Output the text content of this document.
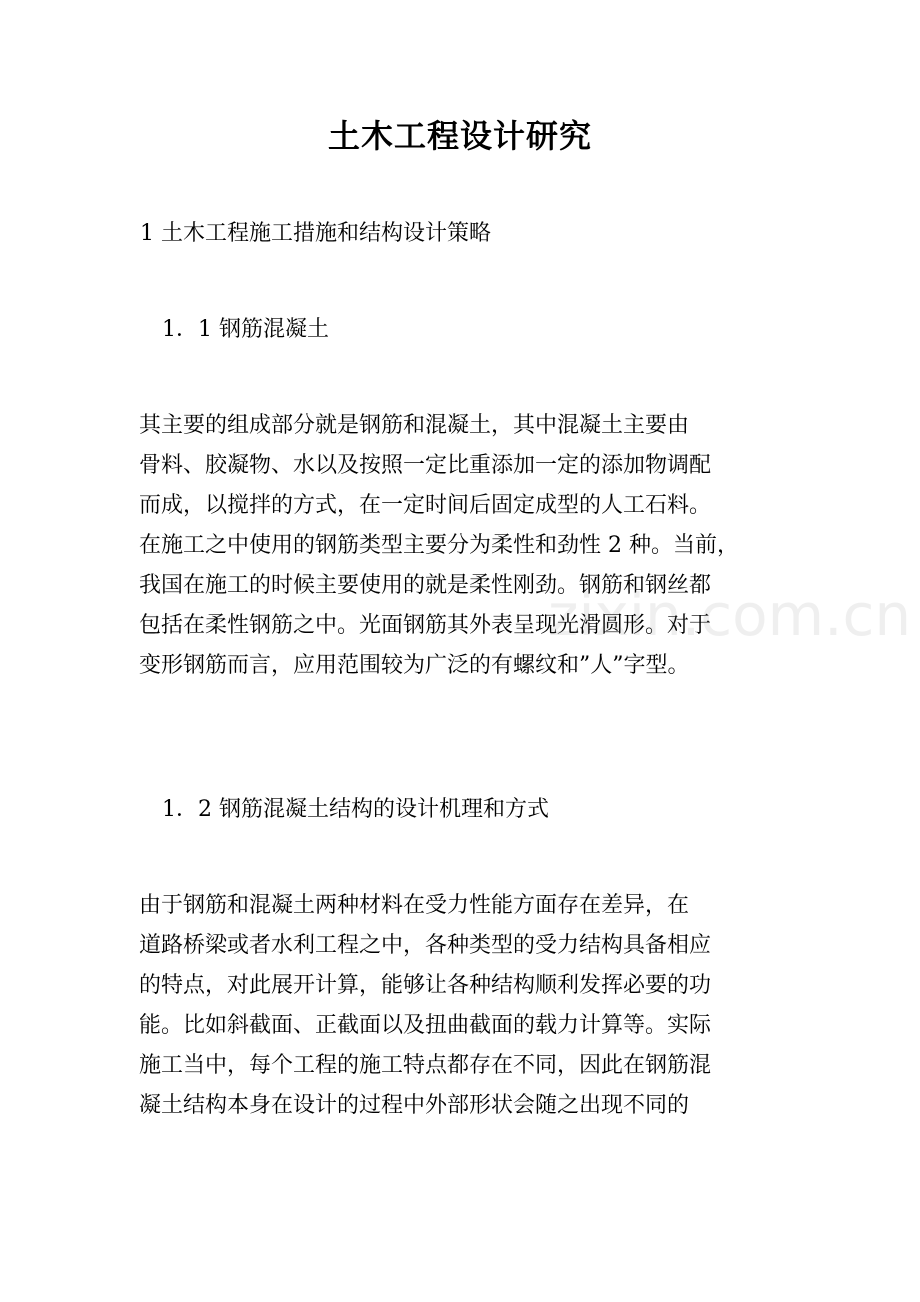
土木工程设计研究
1 土木工程施工措施和结构设计策略
1．1 钢筋混凝土
其主要的组成部分就是钢筋和混凝土，其中混凝土主要由
骨料、胶凝物、水以及按照一定比重添加一定的添加物调配
而成，以搅拌的方式，在一定时间后固定成型的人工石料。
在施工之中使用的钢筋类型主要分为柔性和劲性 2 种。当前，
我国在施工的时候主要使用的就是柔性刚劲。钢筋和钢丝都
包括在柔性钢筋之中。光面钢筋其外表呈现光滑圆形。对于
变形钢筋而言，应用范围较为广泛的有螺纹和”人”字型。
1．2 钢筋混凝土结构的设计机理和方式
由于钢筋和混凝土两种材料在受力性能方面存在差异，在
道路桥梁或者水利工程之中，各种类型的受力结构具备相应
的特点，对此展开计算，能够让各种结构顺利发挥必要的功
能。比如斜截面、正截面以及扭曲截面的载力计算等。实际
施工当中，每个工程的施工特点都存在不同，因此在钢筋混
凝土结构本身在设计的过程中外部形状会随之出现不同的
zixin.com.cn
